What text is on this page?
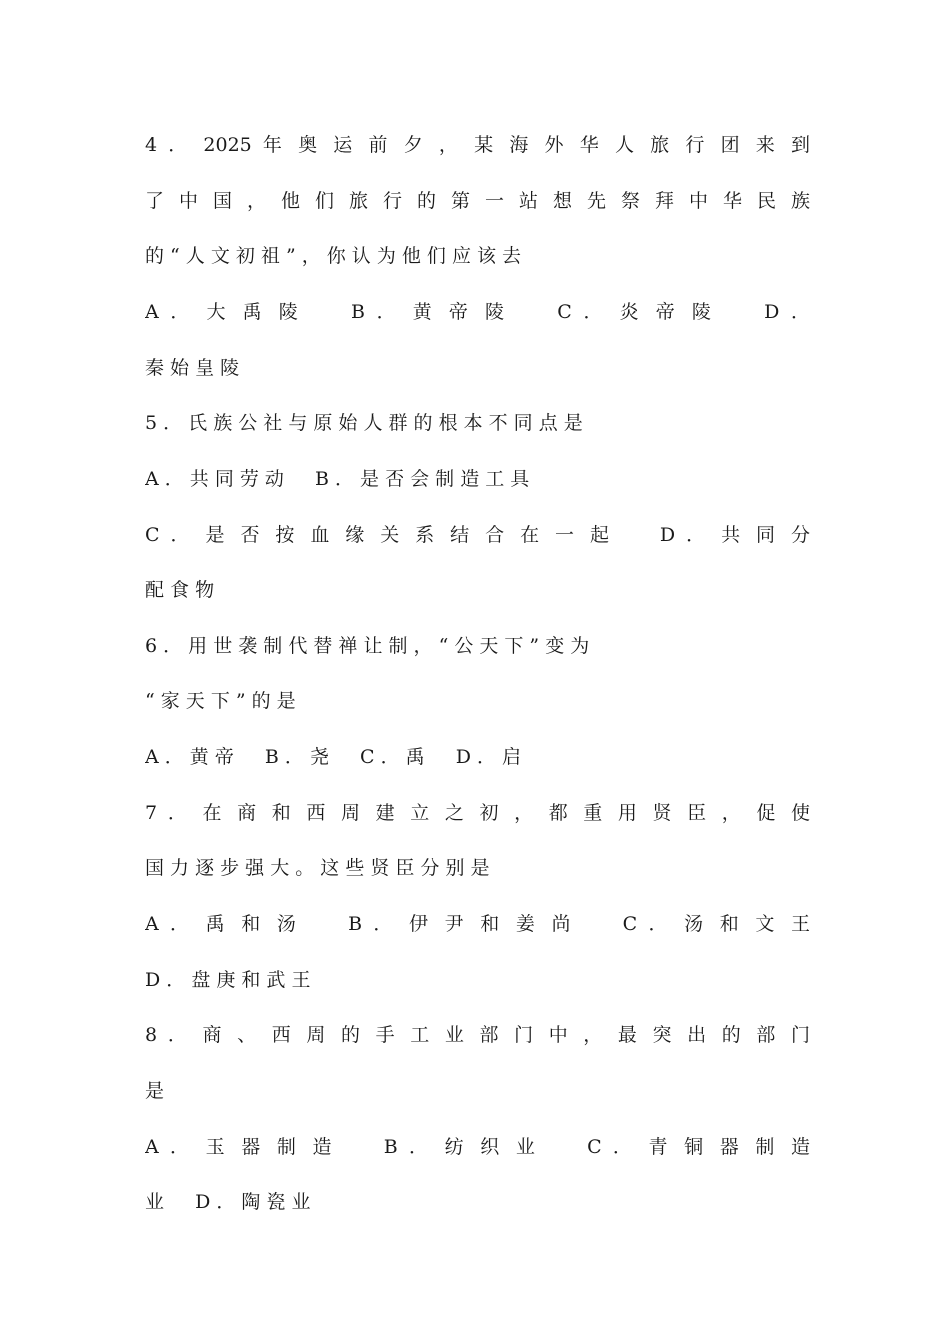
4 ． 2025 年 奥 运 前 夕 ， 某 海 外 华 人 旅 行 团 来 到
了 中 国 ， 他 们 旅 行 的 第 一 站 想 先 祭 拜 中 华 民 族
的 “ 人 文 初 祖 ” ， 你 认 为 他 们 应 该 去
A ． 大 禹 陵 　 B ． 黄 帝 陵 　 C ． 炎 帝 陵 　 D ．
秦 始 皇 陵
5 ． 氏 族 公 社 与 原 始 人 群 的 根 本 不 同 点 是
A ． 共 同 劳 动 　 B ． 是 否 会 制 造 工 具
C ． 是 否 按 血 缘 关 系 结 合 在 一 起 　 D ． 共 同 分
配 食 物
6 ． 用 世 袭 制 代 替 禅 让 制 ， “ 公 天 下 ” 变 为
“ 家 天 下 ” 的 是
A ． 黄 帝 　 B ． 尧 　 C ． 禹 　 D ． 启
7 ． 在 商 和 西 周 建 立 之 初 ， 都 重 用 贤 臣 ， 促 使
国 力 逐 步 强 大 。 这 些 贤 臣 分 别 是
A ． 禹 和 汤 　 B ． 伊 尹 和 姜 尚 　 C ． 汤 和 文 王
D ． 盘 庚 和 武 王
8 ． 商 、 西 周 的 手 工 业 部 门 中 ， 最 突 出 的 部 门
是
A ． 玉 器 制 造 　 B ． 纺 织 业 　 C ． 青 铜 器 制 造
业 　 D ． 陶 瓷 业
